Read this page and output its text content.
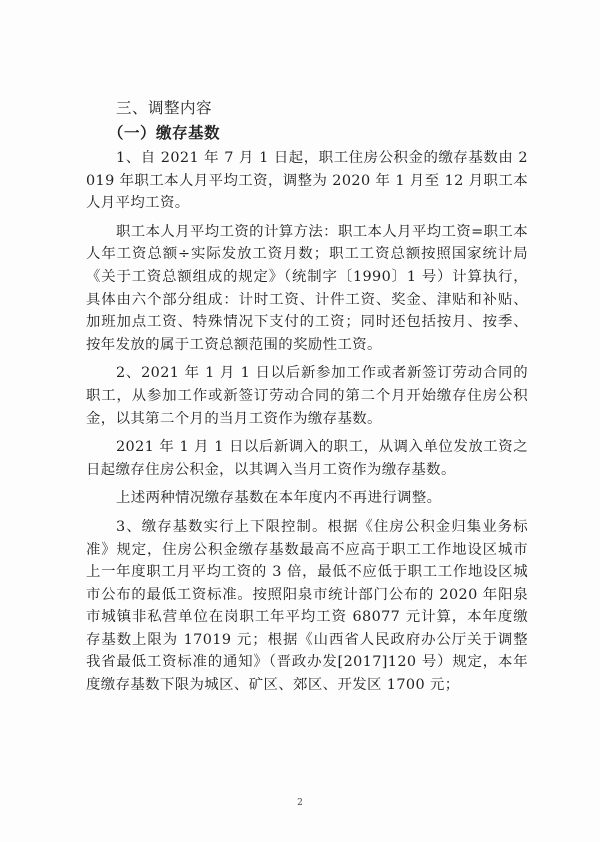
三、调整内容
（一）缴存基数

1、自 2021 年 7 月 1 日起，职工住房公积金的缴存基数由 2019 年职工本人月平均工资，调整为 2020 年 1 月至 12 月职工本人月平均工资。

职工本人月平均工资的计算方法：职工本人月平均工资=职工本人年工资总额÷实际发放工资月数；职工工资总额按照国家统计局《关于工资总额组成的规定》（统制字〔1990〕1 号）计算执行，具体由六个部分组成：计时工资、计件工资、奖金、津贴和补贴、加班加点工资、特殊情况下支付的工资；同时还包括按月、按季、按年发放的属于工资总额范围的奖励性工资。

2、2021 年 1 月 1 日以后新参加工作或者新签订劳动合同的职工，从参加工作或新签订劳动合同的第二个月开始缴存住房公积金，以其第二个月的当月工资作为缴存基数。

2021 年 1 月 1 日以后新调入的职工，从调入单位发放工资之日起缴存住房公积金，以其调入当月工资作为缴存基数。

上述两种情况缴存基数在本年度内不再进行调整。

3、缴存基数实行上下限控制。根据《住房公积金归集业务标准》规定，住房公积金缴存基数最高不应高于职工工作地设区城市上一年度职工月平均工资的 3 倍，最低不应低于职工工作地设区城市公布的最低工资标准。按照阳泉市统计部门公布的 2020 年阳泉市城镇非私营单位在岗职工年平均工资 68077 元计算，本年度缴存基数上限为 17019 元；根据《山西省人民政府办公厅关于调整我省最低工资标准的通知》（晋政办发[2017]120 号）规定，本年度缴存基数下限为城区、矿区、郊区、开发区 1700 元；

2
